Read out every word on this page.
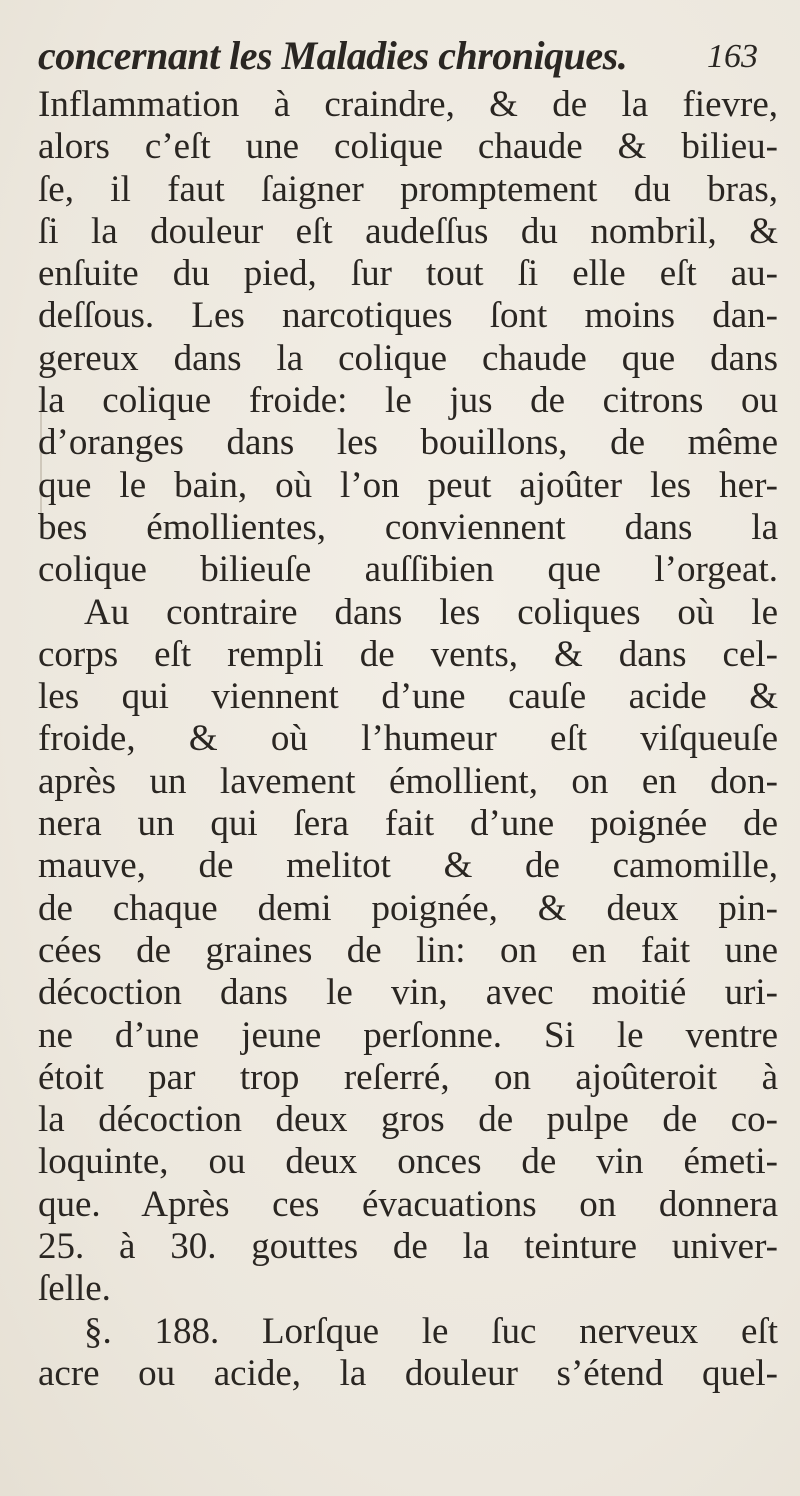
concernant les Maladies chroniques. 163
Inflammation à craindre, & de la fievre,
alors c’eſt une colique chaude & bilieu-
ſe, il faut ſaigner promptement du bras,
ſi la douleur eſt audeſſus du nombril, &
enſuite du pied, ſur tout ſi elle eſt au-
deſſous. Les narcotiques ſont moins dan-
gereux dans la colique chaude que dans
la colique froide: le jus de citrons ou
d’oranges dans les bouillons, de même
que le bain, où l’on peut ajoûter les her-
bes émollientes, conviennent dans la
colique bilieuſe auſſibien que l’orgeat.
Au contraire dans les coliques où le
corps eſt rempli de vents, & dans cel-
les qui viennent d’une cauſe acide &
froide, & où l’humeur eſt viſqueuſe
après un lavement émollient, on en don-
nera un qui ſera fait d’une poignée de
mauve, de melitot & de camomille,
de chaque demi poignée, & deux pin-
cées de graines de lin: on en fait une
décoction dans le vin, avec moitié uri-
ne d’une jeune perſonne. Si le ventre
étoit par trop reſerré, on ajoûteroit à
la décoction deux gros de pulpe de co-
loquinte, ou deux onces de vin émeti-
que. Après ces évacuations on donnera
25. à 30. gouttes de la teinture univer-
ſelle.
§. 188. Lorſque le ſuc nerveux eſt
acre ou acide, la douleur s’étend quel-
